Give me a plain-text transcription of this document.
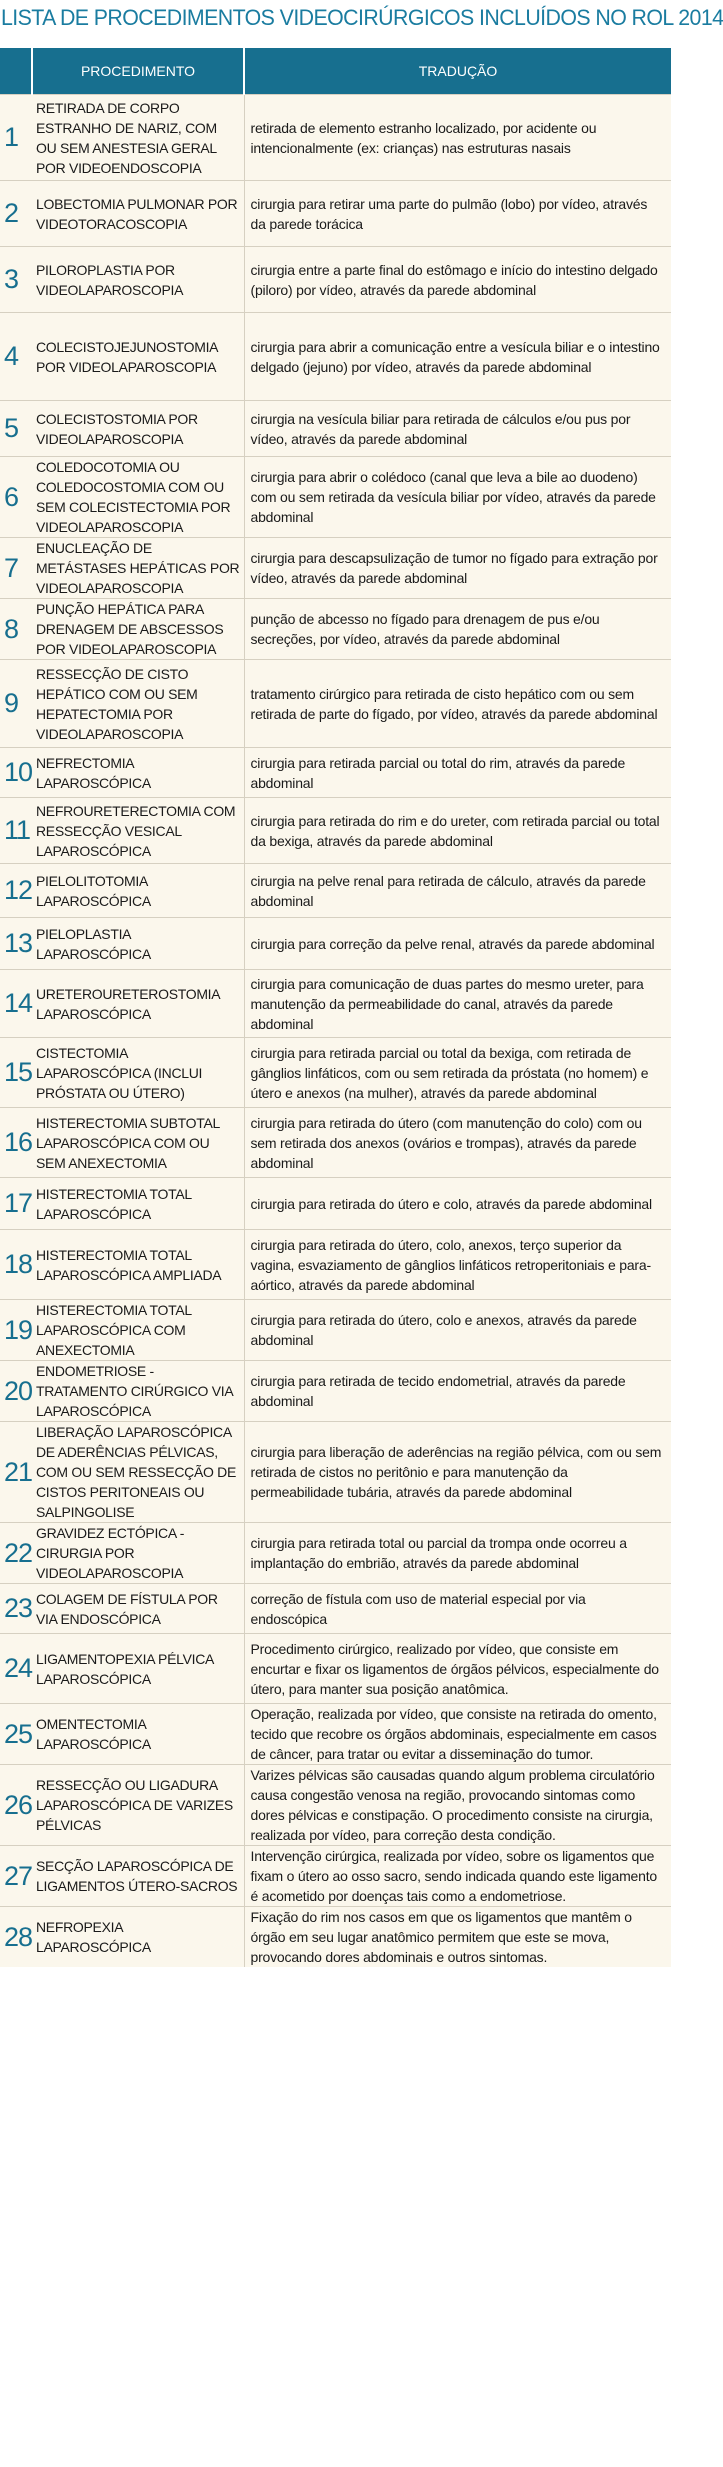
LISTA DE PROCEDIMENTOS VIDEOCIRÚRGICOS INCLUÍDOS NO ROL 2014
	PROCEDIMENTO	TRADUÇÃO
1	RETIRADA DE CORPO ESTRANHO DE NARIZ, COM OU SEM ANESTESIA GERAL POR VIDEOENDOSCOPIA	retirada de elemento estranho localizado, por acidente ou intencionalmente (ex: crianças) nas estruturas nasais
2	LOBECTOMIA PULMONAR POR VIDEOTORACOSCOPIA	cirurgia para retirar uma parte do pulmão (lobo) por vídeo, através da parede torácica
3	PILOROPLASTIA POR VIDEOLAPAROSCOPIA	cirurgia entre a parte final do estômago e início do intestino delgado (piloro) por vídeo, através da parede abdominal
4	COLECISTOJEJUNOSTOMIA POR VIDEOLAPAROSCOPIA	cirurgia para abrir a comunicação entre a vesícula biliar e o intestino delgado (jejuno) por vídeo, através da parede abdominal
5	COLECISTOSTOMIA POR VIDEOLAPAROSCOPIA	cirurgia na vesícula biliar para retirada de cálculos e/ou pus por vídeo, através da parede abdominal
6	COLEDOCOTOMIA OU COLEDOCOSTOMIA COM OU SEM COLECISTECTOMIA POR VIDEOLAPAROSCOPIA	cirurgia para abrir o colédoco (canal que leva a bile ao duodeno) com ou sem retirada da vesícula biliar por vídeo, através da parede abdominal
7	ENUCLEAÇÃO DE METÁSTASES HEPÁTICAS POR VIDEOLAPAROSCOPIA	cirurgia para descapsulização de tumor no fígado para extração por vídeo, através da parede abdominal
8	PUNÇÃO HEPÁTICA PARA DRENAGEM DE ABSCESSOS POR VIDEOLAPAROSCOPIA	punção de abcesso no fígado para drenagem de pus e/ou secreções, por vídeo, através da parede abdominal
9	RESSECÇÃO DE CISTO HEPÁTICO COM OU SEM HEPATECTOMIA POR VIDEOLAPAROSCOPIA	tratamento cirúrgico para retirada de cisto hepático com ou sem retirada de parte do fígado, por vídeo, através da parede abdominal
10	NEFRECTOMIA LAPAROSCÓPICA	cirurgia para retirada parcial ou total do rim, através da parede abdominal
11	NEFROURETERECTOMIA COM RESSECÇÃO VESICAL LAPAROSCÓPICA	cirurgia para retirada do rim e do ureter, com retirada parcial ou total da bexiga, através da parede abdominal
12	PIELOLITOTOMIA LAPAROSCÓPICA	cirurgia na pelve renal para retirada de cálculo, através da parede abdominal
13	PIELOPLASTIA LAPAROSCÓPICA	cirurgia para correção da pelve renal, através da parede abdominal
14	URETEROURETEROSTOMIA LAPAROSCÓPICA	cirurgia para comunicação de duas partes do mesmo ureter, para manutenção da permeabilidade do canal, através da parede abdominal
15	CISTECTOMIA LAPAROSCÓPICA (INCLUI PRÓSTATA OU ÚTERO)	cirurgia para retirada parcial ou total da bexiga, com retirada de gânglios linfáticos, com ou sem retirada da próstata (no homem) e útero e anexos (na mulher), através da parede abdominal
16	HISTERECTOMIA SUBTOTAL LAPAROSCÓPICA COM OU SEM ANEXECTOMIA	cirurgia para retirada do útero (com manutenção do colo) com ou sem retirada dos anexos (ovários e trompas), através da parede abdominal
17	HISTERECTOMIA TOTAL LAPAROSCÓPICA	cirurgia para retirada do útero e colo, através da parede abdominal
18	HISTERECTOMIA TOTAL LAPAROSCÓPICA AMPLIADA	cirurgia para retirada do útero, colo, anexos, terço superior da vagina, esvaziamento de gânglios linfáticos retroperitoniais e para-aórtico, através da parede abdominal
19	HISTERECTOMIA TOTAL LAPAROSCÓPICA COM ANEXECTOMIA	cirurgia para retirada do útero, colo e anexos, através da parede abdominal
20	ENDOMETRIOSE - TRATAMENTO CIRÚRGICO VIA LAPAROSCÓPICA	cirurgia para retirada de tecido endometrial, através da parede abdominal
21	LIBERAÇÃO LAPAROSCÓPICA DE ADERÊNCIAS PÉLVICAS, COM OU SEM RESSECÇÃO DE CISTOS PERITONEAIS OU SALPINGOLISE	cirurgia para liberação de aderências na região pélvica, com ou sem retirada de cistos no peritônio e para manutenção da permeabilidade tubária, através da parede abdominal
22	GRAVIDEZ ECTÓPICA - CIRURGIA POR VIDEOLAPAROSCOPIA	cirurgia para retirada total ou parcial da trompa onde ocorreu a implantação do embrião, através da parede abdominal
23	COLAGEM DE FÍSTULA POR VIA ENDOSCÓPICA	correção de fístula com uso de material especial por via endoscópica
24	LIGAMENTOPEXIA PÉLVICA LAPAROSCÓPICA	Procedimento cirúrgico, realizado por vídeo, que consiste em encurtar e fixar os ligamentos de órgãos pélvicos, especialmente do útero, para manter sua posição anatômica.
25	OMENTECTOMIA LAPAROSCÓPICA	Operação, realizada por vídeo, que consiste na retirada do omento, tecido que recobre os órgãos abdominais, especialmente em casos de câncer, para tratar ou evitar a disseminação do tumor.
26	RESSECÇÃO OU LIGADURA LAPAROSCÓPICA DE VARIZES PÉLVICAS	Varizes pélvicas são causadas quando algum problema circulatório causa congestão venosa na região, provocando sintomas como dores pélvicas e constipação. O procedimento consiste na cirurgia, realizada por vídeo, para correção desta condição.
27	SECÇÃO LAPAROSCÓPICA DE LIGAMENTOS ÚTERO-SACROS	Intervenção cirúrgica, realizada por vídeo, sobre os ligamentos que fixam o útero ao osso sacro, sendo indicada quando este ligamento é acometido por doenças tais como a endometriose.
28	NEFROPEXIA LAPAROSCÓPICA	Fixação do rim nos casos em que os ligamentos que mantêm o órgão em seu lugar anatômico permitem que este se mova, provocando dores abdominais e outros sintomas.
